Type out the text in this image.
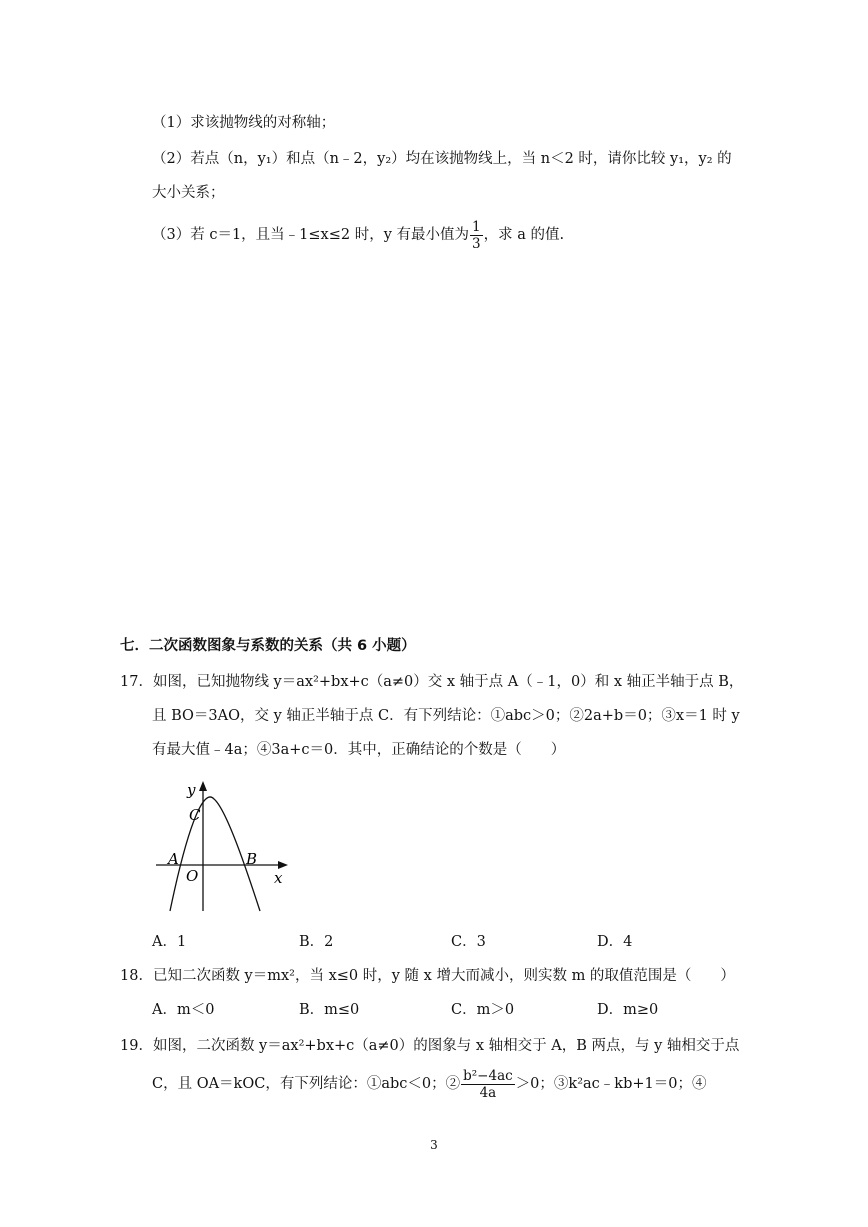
（1）求该抛物线的对称轴；
（2）若点（n，y₁）和点（n﹣2，y₂）均在该抛物线上，当 n＜2 时，请你比较 y₁，y₂ 的
大小关系；
（3）若 c＝1，且当﹣1≤x≤2 时，y 有最小值为 $\frac{1}{3}$ ，求 a 的值.
七．二次函数图象与系数的关系（共 6 小题）
17．如图，已知抛物线 y＝ax²+bx+c（a≠0）交 x 轴于点 A（﹣1，0）和 x 轴正半轴于点 B，
且 BO＝3AO，交 y 轴正半轴于点 C．有下列结论：①abc＞0；②2a+b＝0；③x＝1 时 y
有最大值﹣4a；④3a+c＝0．其中，正确结论的个数是（　　）
y
x
C
A
O
B
A．1	B．2	C．3	D．4
18．已知二次函数 y＝mx²，当 x≤0 时，y 随 x 增大而减小，则实数 m 的取值范围是（　　）
A．m＜0	B．m≤0	C．m＞0	D．m≥0
19．如图，二次函数 y＝ax²+bx+c（a≠0）的图象与 x 轴相交于 A，B 两点，与 y 轴相交于点
C，且 OA＝kOC，有下列结论：①abc＜0；② $\frac{\text{b²−4ac}}{4a} >0$；③k²ac﹣kb+1＝0；④
3
